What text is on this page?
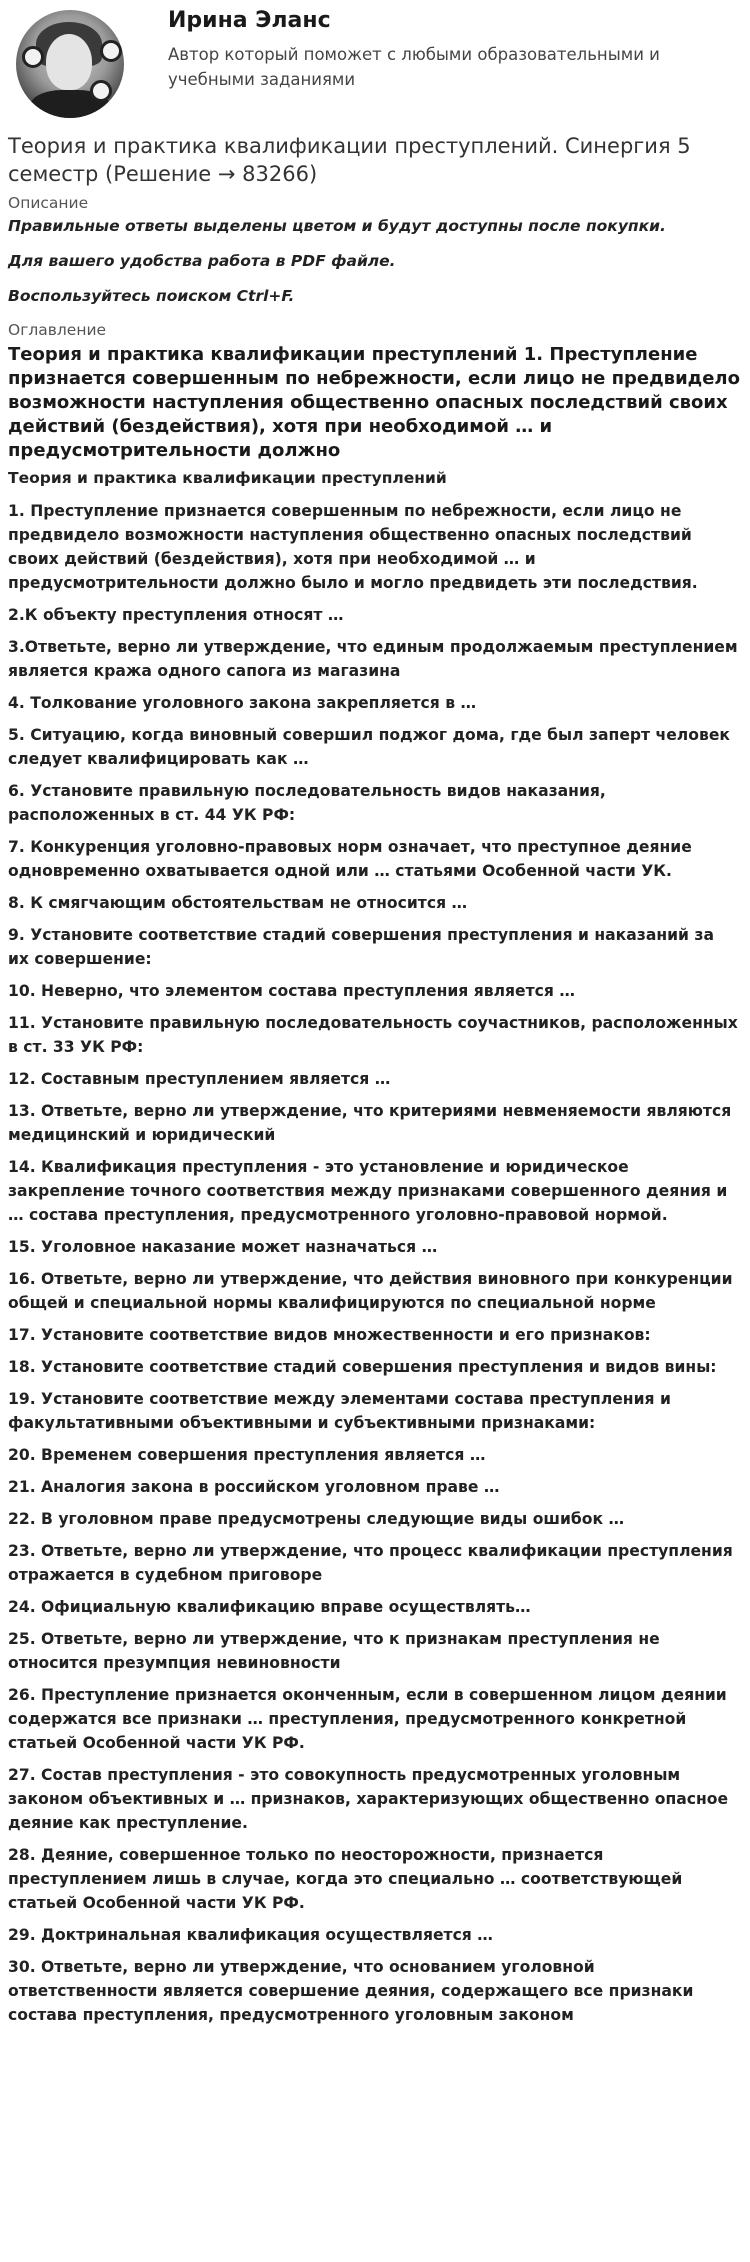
Ирина Эланс
Автор который поможет с любыми образовательными и учебными заданиями
Теория и практика квалификации преступлений. Синергия 5 семестр (Решение → 83266)
Описание

Правильные ответы выделены цветом и будут доступны после покупки.

Для вашего удобства работа в PDF файле.

Воспользуйтесь поиском Ctrl+F.

Оглавление
Теория и практика квалификации преступлений 1. Преступление признается совершенным по небрежности, если лицо не предвидело возможности наступления общественно опасных последствий своих действий (бездействия), хотя при необходимой … и предусмотрительности должно
Теория и практика квалификации преступлений
1. Преступление признается совершенным по небрежности, если лицо не предвидело возможности наступления общественно опасных последствий своих действий (бездействия), хотя при необходимой … и предусмотрительности должно было и могло предвидеть эти последствия.
2.К объекту преступления относят …
3.Ответьте, верно ли утверждение, что единым продолжаемым преступлением является кража одного сапога из магазина
4. Толкование уголовного закона закрепляется в …
5. Ситуацию, когда виновный совершил поджог дома, где был заперт человек следует квалифицировать как …
6. Установите правильную последовательность видов наказания, расположенных в ст. 44 УК РФ:
7. Конкуренция уголовно-правовых норм означает, что преступное деяние одновременно охватывается одной или … статьями Особенной части УК.
8. К смягчающим обстоятельствам не относится …
9. Установите соответствие стадий совершения преступления и наказаний за их совершение:
10. Неверно, что элементом состава преступления является …
11. Установите правильную последовательность соучастников, расположенных в ст. 33 УК РФ:
12. Составным преступлением является …
13. Ответьте, верно ли утверждение, что критериями невменяемости являются медицинский и юридический
14. Квалификация преступления - это установление и юридическое закрепление точного соответствия между признаками совершенного деяния и … состава преступления, предусмотренного уголовно-правовой нормой.
15. Уголовное наказание может назначаться …
16. Ответьте, верно ли утверждение, что действия виновного при конкуренции общей и специальной нормы квалифицируются по специальной норме
17. Установите соответствие видов множественности и его признаков:
18. Установите соответствие стадий совершения преступления и видов вины:
19. Установите соответствие между элементами состава преступления и факультативными объективными и субъективными признаками:
20. Временем совершения преступления является …
21. Аналогия закона в российском уголовном праве …
22. В уголовном праве предусмотрены следующие виды ошибок …
23. Ответьте, верно ли утверждение, что процесс квалификации преступления отражается в судебном приговоре
24. Официальную квалификацию вправе осуществлять…
25. Ответьте, верно ли утверждение, что к признакам преступления не относится презумпция невиновности
26. Преступление признается оконченным, если в совершенном лицом деянии содержатся все признаки … преступления, предусмотренного конкретной статьей Особенной части УК РФ.
27. Состав преступления - это совокупность предусмотренных уголовным законом объективных и … признаков, характеризующих общественно опасное деяние как преступление.
28. Деяние, совершенное только по неосторожности, признается преступлением лишь в случае, когда это специально … соответствующей статьей Особенной части УК РФ.
29. Доктринальная квалификация осуществляется …
30. Ответьте, верно ли утверждение, что основанием уголовной ответственности является совершение деяния, содержащего все признаки состава преступления, предусмотренного уголовным законом
